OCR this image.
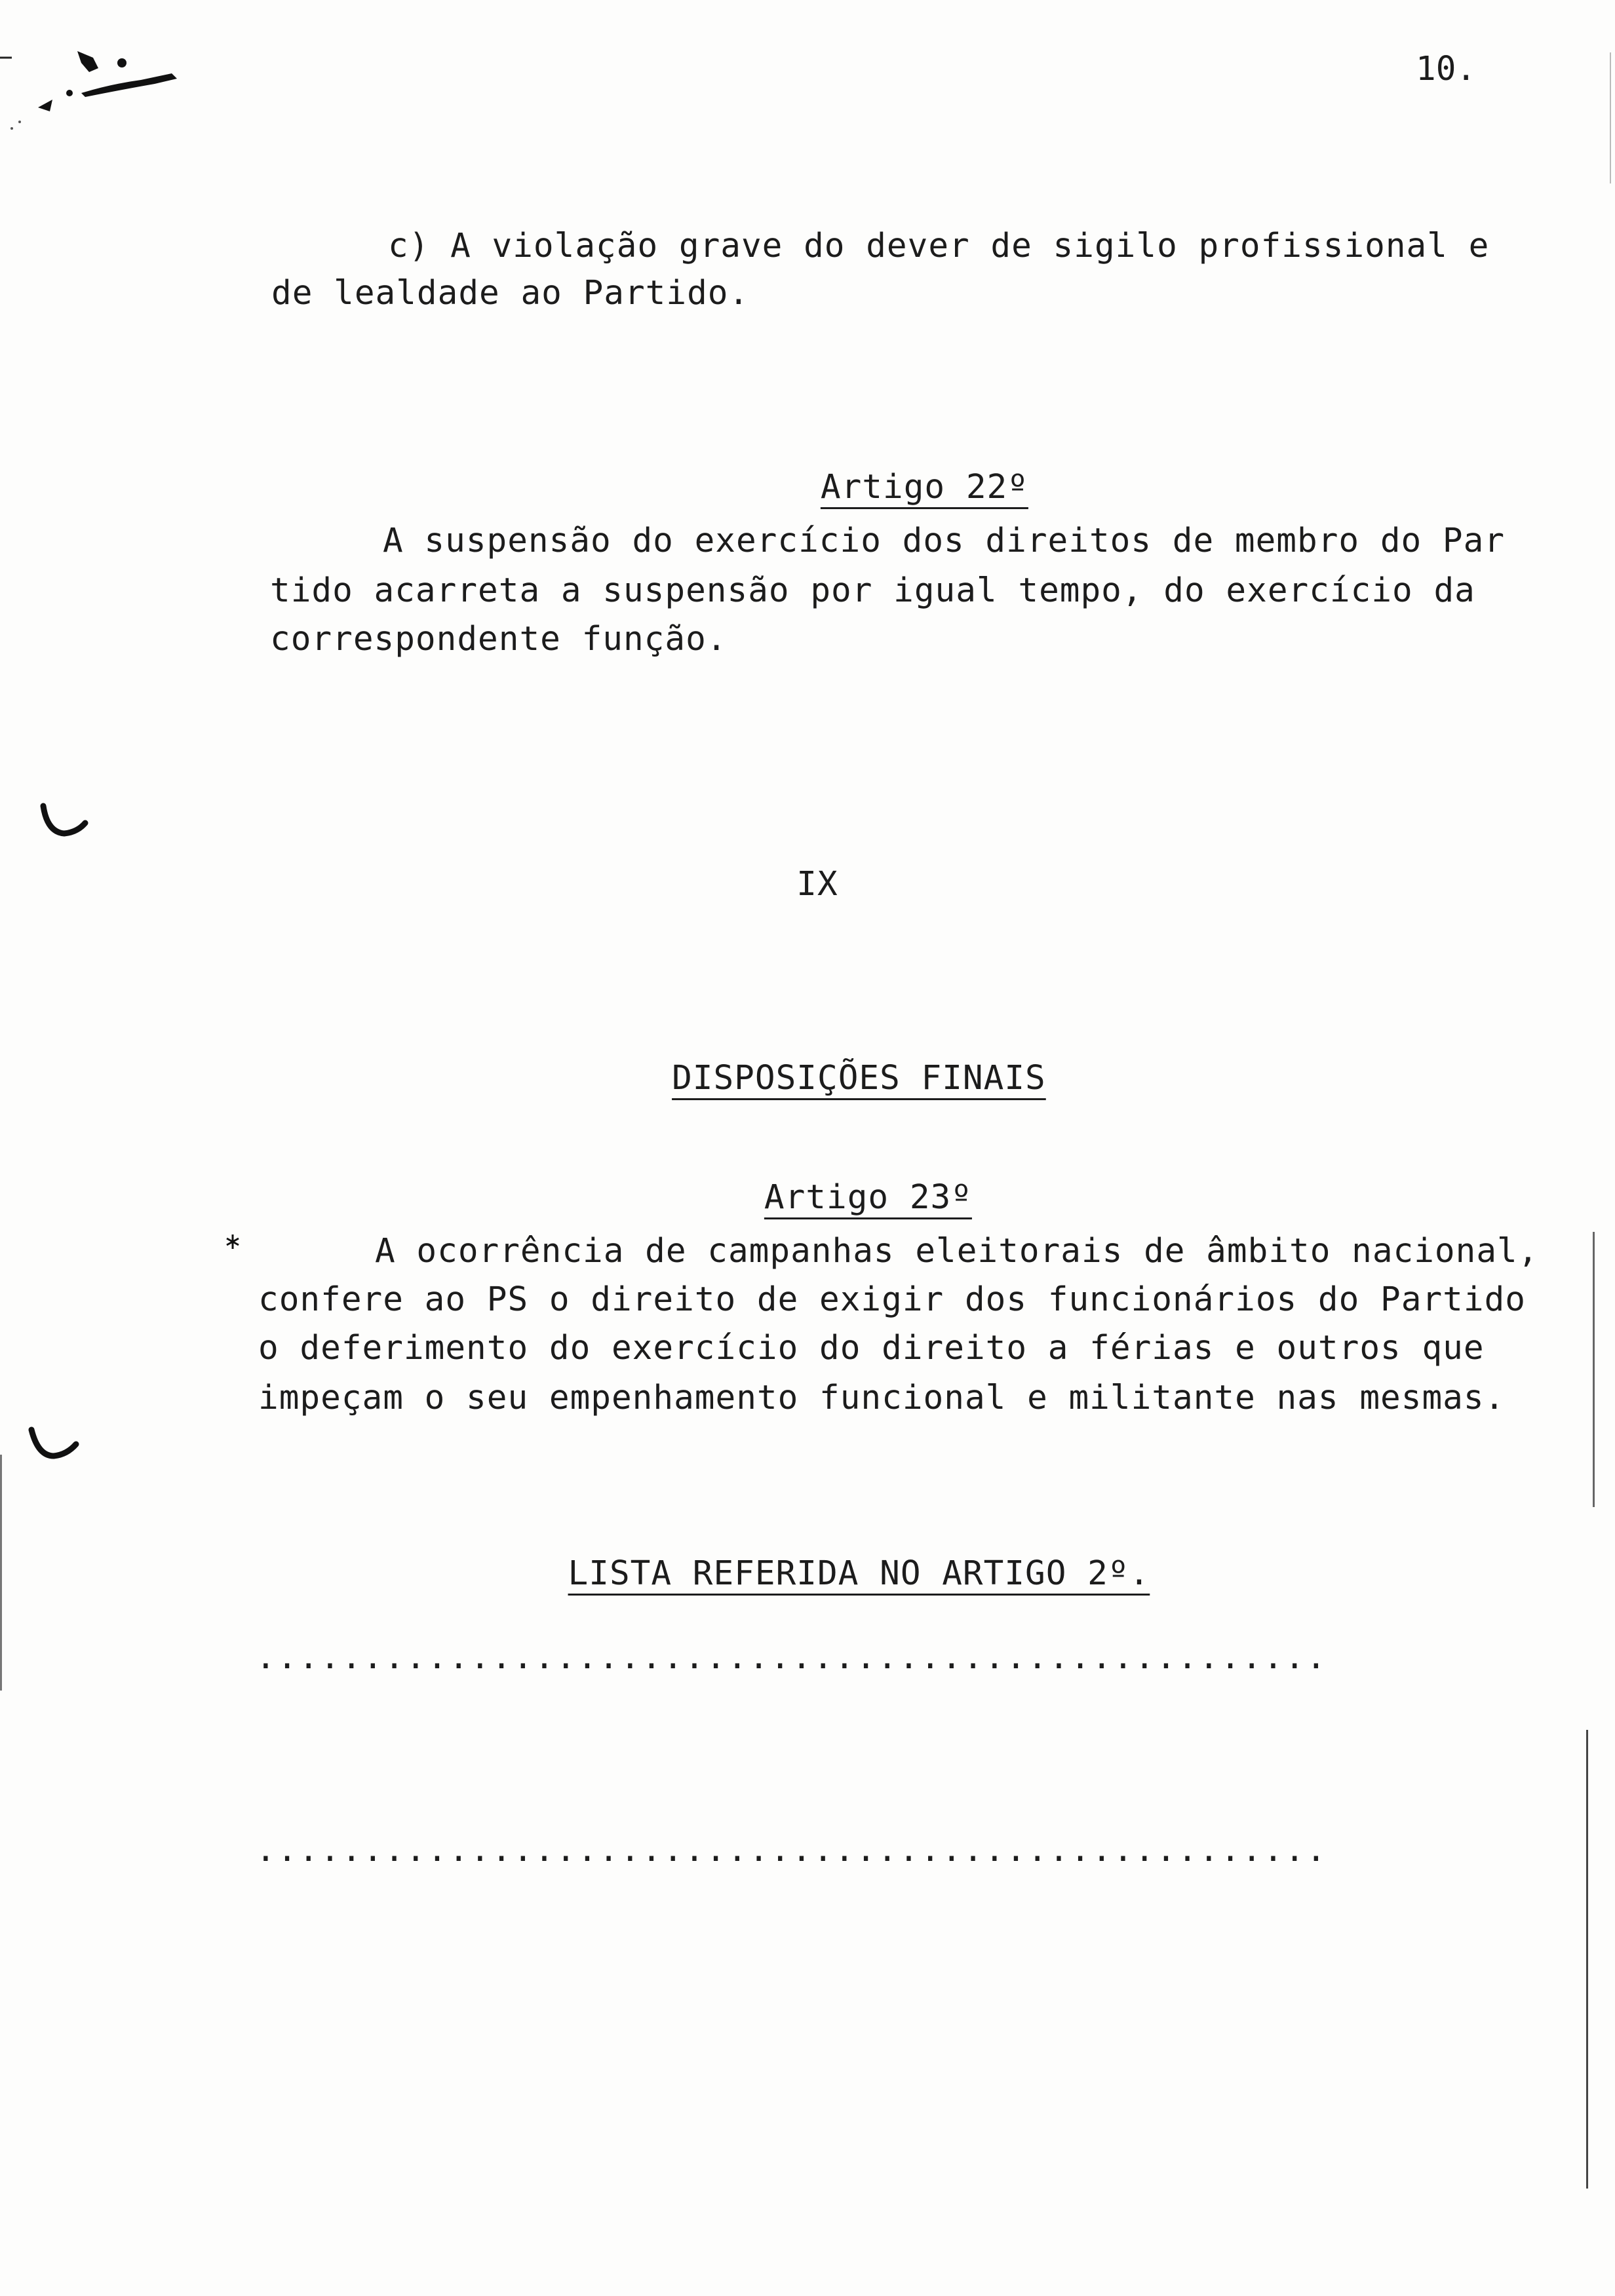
10.
c) A violação grave do dever de sigilo profissional e
de lealdade ao Partido.

Artigo 22º

A suspensão do exercício dos direitos de membro do Par
tido acarreta a suspensão por igual tempo, do exercício da
correspondente função.
IX

DISPOSIÇÕES FINAIS

Artigo 23º

A ocorrência de campanhas eleitorais de âmbito nacional,
confere ao PS o direito de exigir dos funcionários do Partido
o deferimento do exercício do direito a férias e outros que
impeçam o seu empenhamento funcional e militante nas mesmas.

LISTA REFERIDA NO ARTIGO 2º.

..................................................
..................................................
